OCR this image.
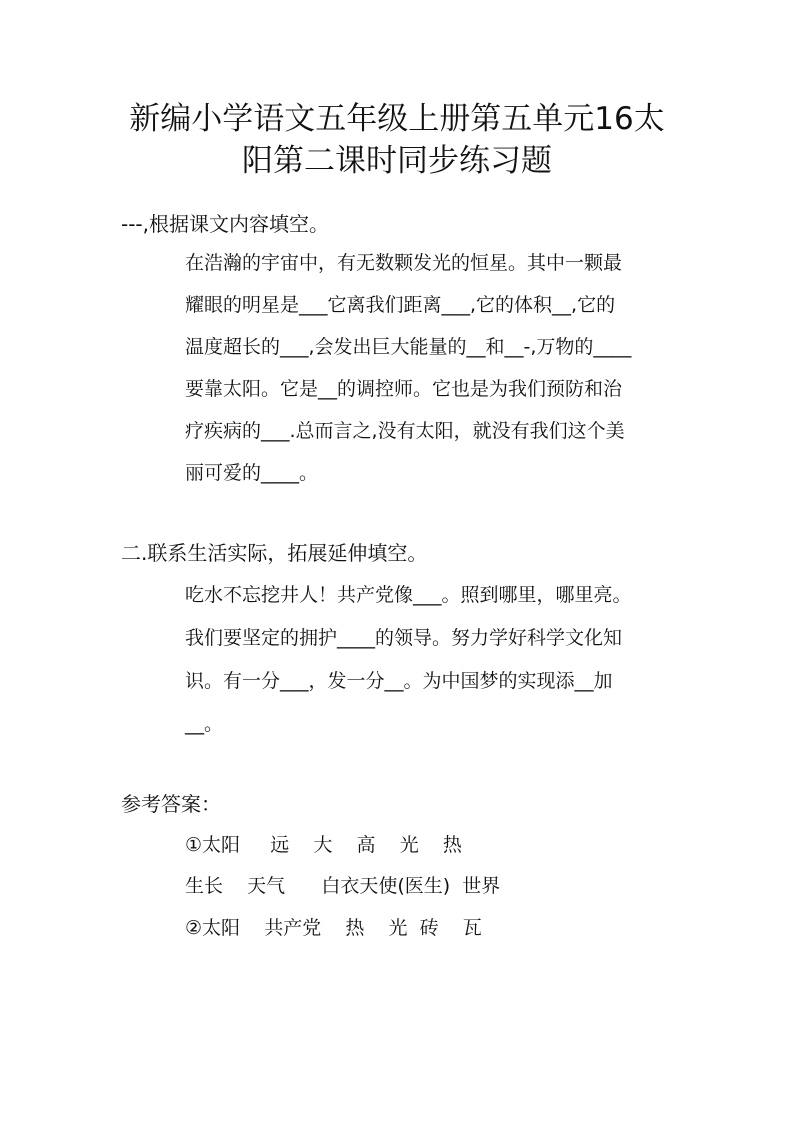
新编小学语文五年级上册第五单元16太
阳第二课时同步练习题
---,根据课文内容填空。
在浩瀚的宇宙中，有无数颗发光的恒星。其中一颗最
耀眼的明星是___它离我们距离___,它的体积__,它的
温度超长的___,会发出巨大能量的__和__-,万物的____
要靠太阳。它是__的调控师。它也是为我们预防和治
疗疾病的___.总而言之,没有太阳，就没有我们这个美
丽可爱的____。
二.联系生活实际，拓展延伸填空。
吃水不忘挖井人！共产党像___。照到哪里，哪里亮。
我们要坚定的拥护____的领导。努力学好科学文化知
识。有一分___，发一分__。为中国梦的实现添__加
__。
参考答案：
①太阳     远    大    高    光    热
生长    天气      白衣天使(医生)  世界
②太阳    共产党    热    光  砖    瓦
